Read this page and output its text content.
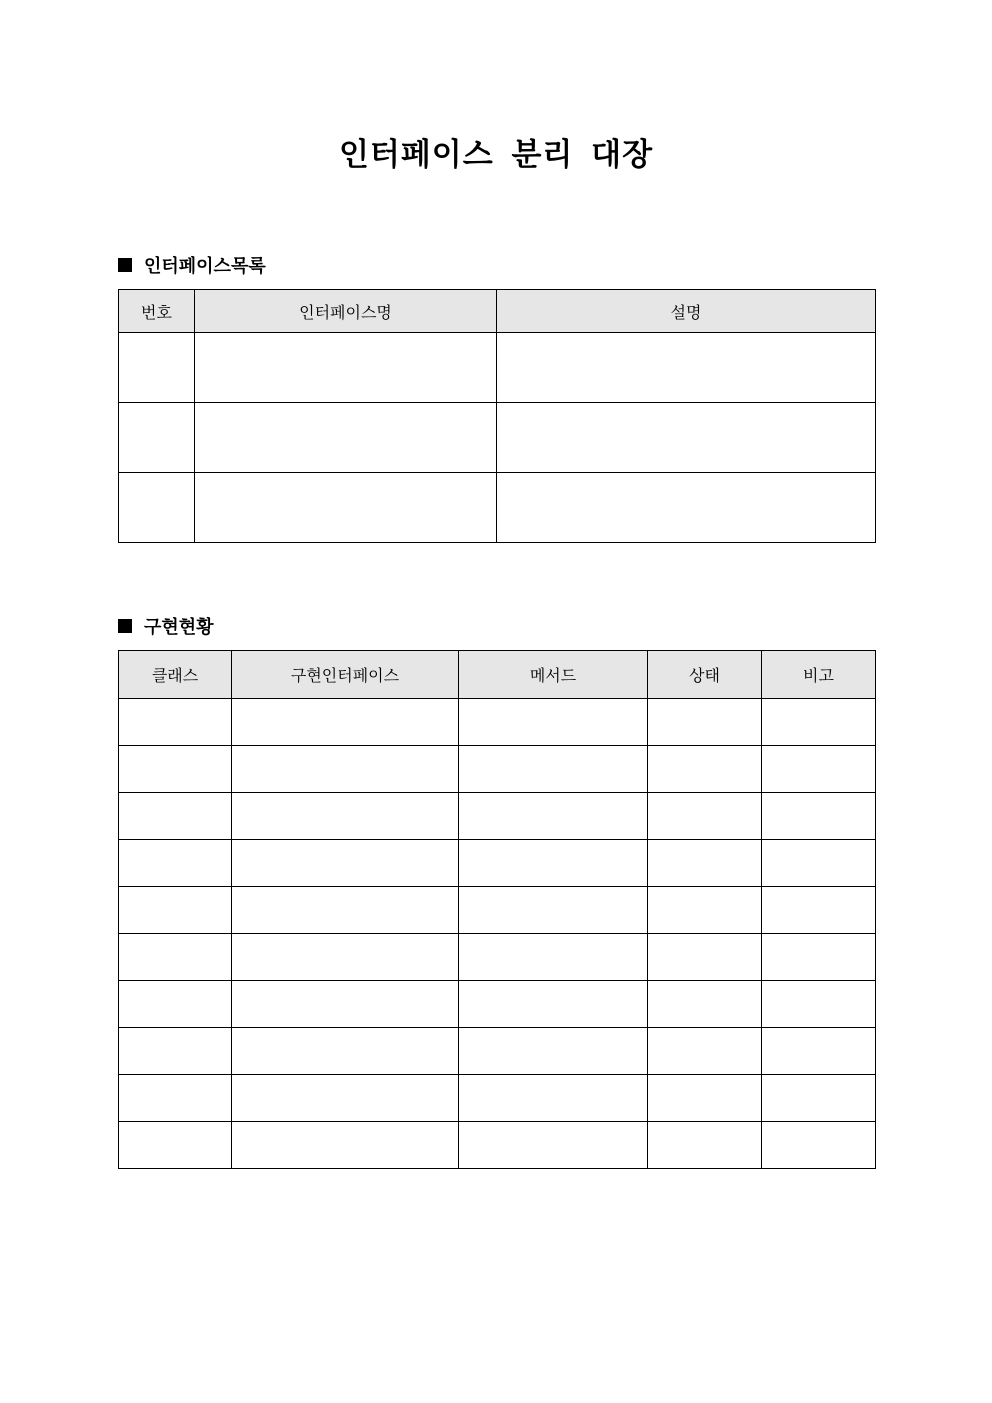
인터페이스 분리 대장
인터페이스목록
번호	인터페이스명	설명

구현현황
클래스	구현인터페이스	메서드	상태	비고
